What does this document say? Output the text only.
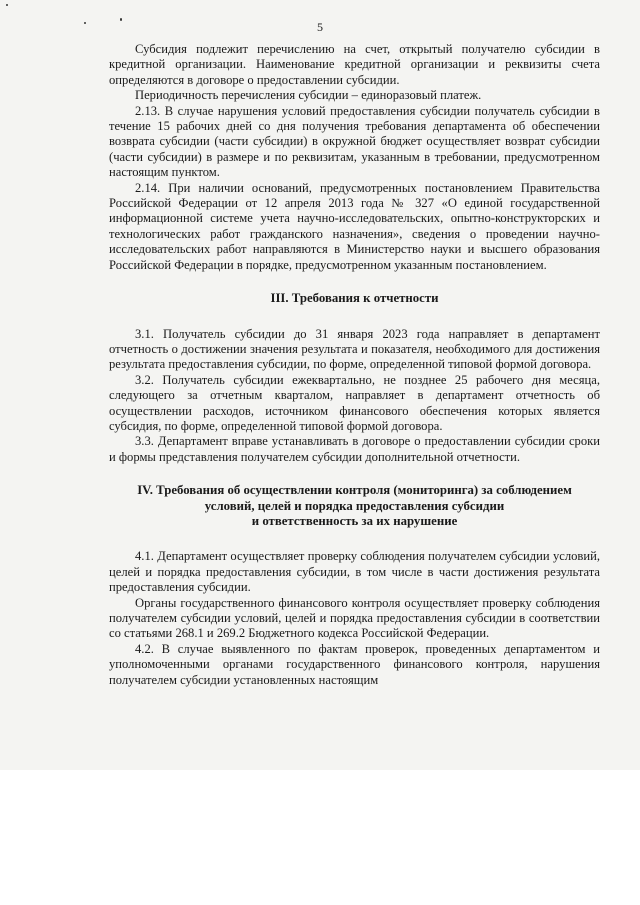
5

Субсидия подлежит перечислению на счет, открытый получателю субсидии в кредитной организации. Наименование кредитной организации и реквизиты счета определяются в договоре о предоставлении субсидии.

Периодичность перечисления субсидии – единоразовый платеж.

2.13. В случае нарушения условий предоставления субсидии получатель субсидии в течение 15 рабочих дней со дня получения требования департамента об обеспечении возврата субсидии (части субсидии) в окружной бюджет осуществляет возврат субсидии (части субсидии) в размере и по реквизитам, указанным в требовании, предусмотренном настоящим пунктом.

2.14. При наличии оснований, предусмотренных постановлением Правительства Российской Федерации от 12 апреля 2013 года № 327 «О единой государственной информационной системе учета научно-исследовательских, опытно-конструкторских и технологических работ гражданского назначения», сведения о проведении научно-исследовательских работ направляются в Министерство науки и высшего образования Российской Федерации в порядке, предусмотренном указанным постановлением.

III. Требования к отчетности

3.1. Получатель субсидии до 31 января 2023 года направляет в департамент отчетность о достижении значения результата и показателя, необходимого для достижения результата предоставления субсидии, по форме, определенной типовой формой договора.

3.2. Получатель субсидии ежеквартально, не позднее 25 рабочего дня месяца, следующего за отчетным кварталом, направляет в департамент отчетность об осуществлении расходов, источником финансового обеспечения которых является субсидия, по форме, определенной типовой формой договора.

3.3. Департамент вправе устанавливать в договоре о предоставлении субсидии сроки и формы представления получателем субсидии дополнительной отчетности.

IV. Требования об осуществлении контроля (мониторинга) за соблюдением
условий, целей и порядка предоставления субсидии
и ответственность за их нарушение

4.1. Департамент осуществляет проверку соблюдения получателем субсидии условий, целей и порядка предоставления субсидии, в том числе в части достижения результата предоставления субсидии.

Органы государственного финансового контроля осуществляет проверку соблюдения получателем субсидии условий, целей и порядка предоставления субсидии в соответствии со статьями 268.1 и 269.2 Бюджетного кодекса Российской Федерации.

4.2. В случае выявленного по фактам проверок, проведенных департаментом и уполномоченными органами государственного финансового контроля, нарушения получателем субсидии установленных настоящим
